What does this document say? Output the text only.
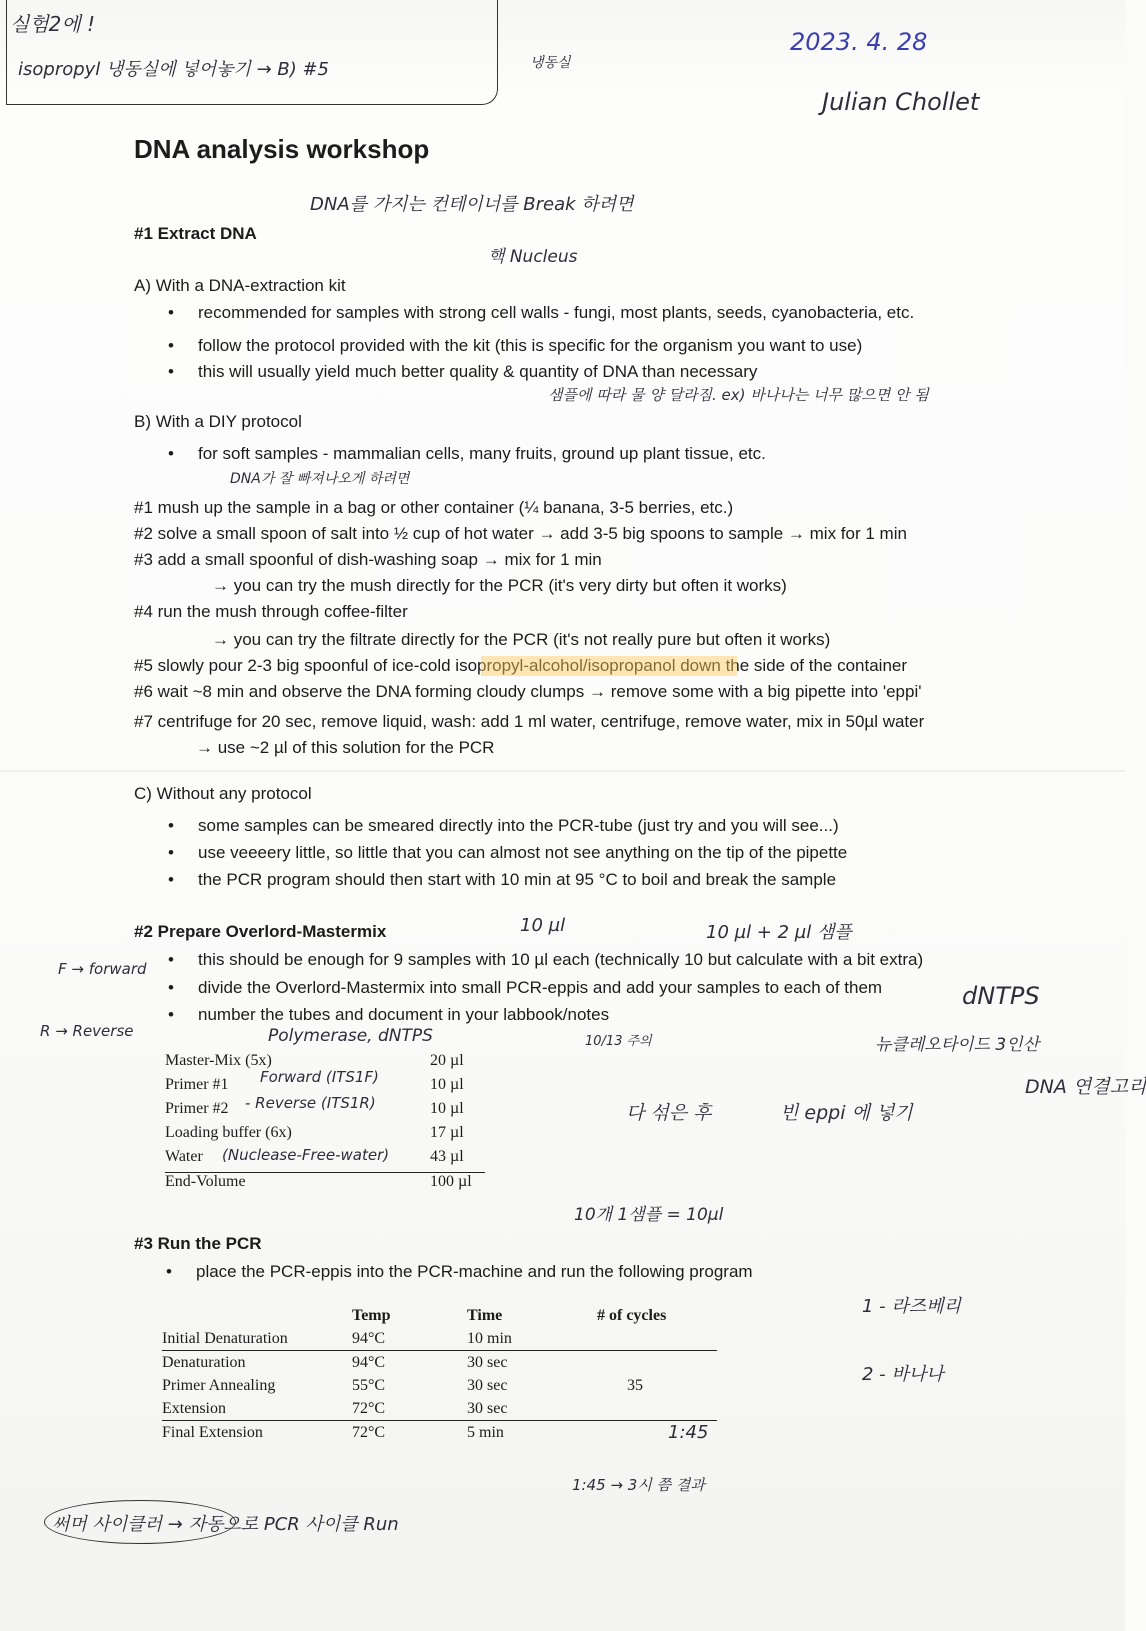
실험2에 !
isopropyl 냉동실에 넣어놓기 → B) #5	냉동실
2023. 4. 28
Julian Chollet
DNA analysis workshop
#1 Extract DNA
DNA를 가지는 컨테이너를 Break 하려면
핵 Nucleus
A) With a DNA-extraction kit
• recommended for samples with strong cell walls - fungi, most plants, seeds, cyanobacteria, etc.
• follow the protocol provided with the kit (this is specific for the organism you want to use)
• this will usually yield much better quality & quantity of DNA than necessary
샘플에 따라 물 양 달라짐. ex) 바나나는 너무 많으면 안 됨
B) With a DIY protocol
• for soft samples - mammalian cells, many fruits, ground up plant tissue, etc.
DNA가 잘 빠져나오게 하려면
#1 mush up the sample in a bag or other container (¼ banana, 3-5 berries, etc.)
#2 solve a small spoon of salt into ½ cup of hot water → add 3-5 big spoons to sample → mix for 1 min
#3 add a small spoonful of dish-washing soap → mix for 1 min
→ you can try the mush directly for the PCR (it's very dirty but often it works)
#4 run the mush through coffee-filter
→ you can try the filtrate directly for the PCR (it's not really pure but often it works)
#5 slowly pour 2-3 big spoonful of ice-cold isopropyl-alcohol/isopropanol down the side of the container
#6 wait ~8 min and observe the DNA forming cloudy clumps → remove some with a big pipette into 'eppi'
#7 centrifuge for 20 sec, remove liquid, wash: add 1 ml water, centrifuge, remove water, mix in 50µl water
→ use ~2 µl of this solution for the PCR
C) Without any protocol
• some samples can be smeared directly into the PCR-tube (just try and you will see...)
• use veeeery little, so little that you can almost not see anything on the tip of the pipette
• the PCR program should then start with 10 min at 95 °C to boil and break the sample
#2 Prepare Overlord-Mastermix	10 µl	10 µl + 2 µl 샘플
• this should be enough for 9 samples with 10 µl each (technically 10 but calculate with a bit extra)
• divide the Overlord-Mastermix into small PCR-eppis and add your samples to each of them
• number the tubes and document in your labbook/notes
dNTPS
Polymerase, dNTPS	10/13 주의	뉴클레오타이드 3인산
DNA 연결고리
Master-Mix (5x)	20 µl
Primer #1	10 µl
Primer #2	10 µl
Loading buffer (6x)	17 µl
Water	43 µl
End-Volume	100 µl
Forward (ITS1F)
- Reverse (ITS1R)
(Nuclease-Free-water)
다 섞은 후	빈 eppi 에 넣기
10개 1샘플 = 10µl
F → forward
R → Reverse
#3 Run the PCR
• place the PCR-eppis into the PCR-machine and run the following program
1 - 라즈베리
2 - 바나나
	Temp	Time	# of cycles
Initial Denaturation	94°C	10 min	
Denaturation	94°C	30 sec	
Primer Annealing	55°C	30 sec	35
Extension	72°C	30 sec	
Final Extension	72°C	5 min		1:45
1:45 → 3시 쯤 결과
써머 사이클러 → 자동으로 PCR 사이클 Run
